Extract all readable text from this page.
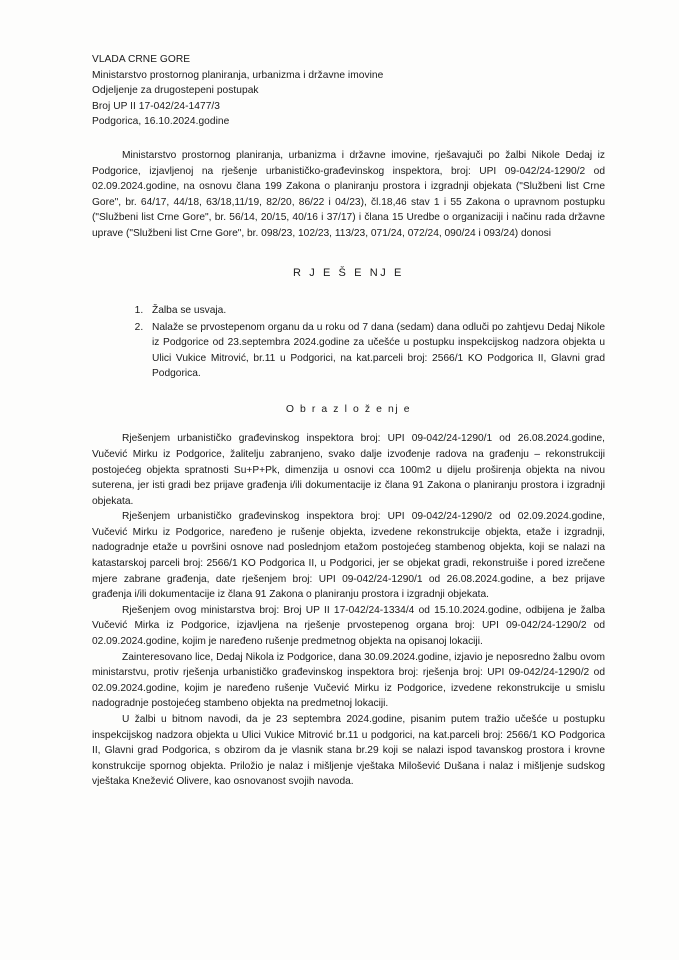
VLADA CRNE GORE
Ministarstvo prostornog planiranja, urbanizma i državne imovine
Odjeljenje za drugostepeni postupak
Broj UP II 17-042/24-1477/3
Podgorica, 16.10.2024.godine

Ministarstvo prostornog planiranja, urbanizma i državne imovine, rješavajuči po žalbi Nikole Dedaj iz Podgorice, izjavljenoj na rješenje urbanističko-građevinskog inspektora, broj: UPI 09-042/24-1290/2 od 02.09.2024.godine, na osnovu člana 199 Zakona o planiranju prostora i izgradnji objekata ("Službeni list Crne Gore", br. 64/17, 44/18, 63/18,11/19, 82/20, 86/22 i 04/23), čl.18,46 stav 1 i 55 Zakona o upravnom postupku ("Službeni list Crne Gore", br. 56/14, 20/15, 40/16 i 37/17) i člana 15 Uredbe o organizaciji i načinu rada državne uprave ("Službeni list Crne Gore", br. 098/23, 102/23, 113/23, 071/24, 072/24, 090/24 i 093/24) donosi

R J E Š E NJ E
1. Žalba se usvaja.
2. Nalaže se prvostepenom organu da u roku od 7 dana (sedam) dana odluči po zahtjevu Dedaj Nikole iz Podgorice od 23.septembra 2024.godine za učešće u postupku inspekcijskog nadzora objekta u Ulici Vukice Mitrović, br.11 u Podgorici, na kat.parceli broj: 2566/1 KO Podgorica II, Glavni grad Podgorica.
O b r a z l o ž e nj e

Rješenjem urbanističko građevinskog inspektora broj: UPI 09-042/24-1290/1 od 26.08.2024.godine, Vučević Mirku iz Podgorice, žalitelju zabranjeno, svako dalje izvođenje radova na građenju – rekonstrukciji postojećeg objekta spratnosti Su+P+Pk, dimenzija u osnovi cca 100m2 u dijelu proširenja objekta na nivou suterena, jer isti gradi bez prijave građenja i/ili dokumentacije iz člana 91 Zakona o planiranju prostora i izgradnji objekata.

Rješenjem urbanističko građevinskog inspektora broj: UPI 09-042/24-1290/2 od 02.09.2024.godine, Vučević Mirku iz Podgorice, naređeno je rušenje objekta, izvedene rekonstrukcije objekta, etaže i izgradnji, nadogradnje etaže u površini osnove nad poslednjom etažom postojećeg stambenog objekta, koji se nalazi na katastarskoj parceli broj: 2566/1 KO Podgorica II, u Podgorici, jer se objekat gradi, rekonstruiše i pored izrečene mjere zabrane građenja, date rješenjem broj: UPI 09-042/24-1290/1 od 26.08.2024.godine, a bez prijave građenja i/ili dokumentacije iz člana 91 Zakona o planiranju prostora i izgradnji objekata.

Rješenjem ovog ministarstva broj: Broj UP II 17-042/24-1334/4 od 15.10.2024.godine, odbijena je žalba Vučević Mirka iz Podgorice, izjavljena na rješenje prvostepenog organa broj: UPI 09-042/24-1290/2 od 02.09.2024.godine, kojim je naređeno rušenje predmetnog objekta na opisanoj lokaciji.

Zainteresovano lice, Dedaj Nikola iz Podgorice, dana 30.09.2024.godine, izjavio je neposredno žalbu ovom ministarstvu, protiv rješenja urbanističko građevinskog inspektora broj: rješenja broj: UPI 09-042/24-1290/2 od 02.09.2024.godine, kojim je naređeno rušenje Vučević Mirku iz Podgorice, izvedene rekonstrukcije u smislu nadogradnje postojećeg stambeno objekta na predmetnoj lokaciji.

U žalbi u bitnom navodi, da je 23 septembra 2024.godine, pisanim putem tražio učešće u postupku inspekcijskog nadzora objekta u Ulici Vukice Mitrović br.11 u podgorici, na kat.parceli broj: 2566/1 KO Podgorica II, Glavni grad Podgorica, s obzirom da je vlasnik stana br.29 koji se nalazi ispod tavanskog prostora i krovne konstrukcije spornog objekta. Priložio je nalaz i mišljenje vještaka Milošević Dušana i nalaz i mišljenje sudskog vještaka Knežević Olivere, kao osnovanost svojih navoda.
